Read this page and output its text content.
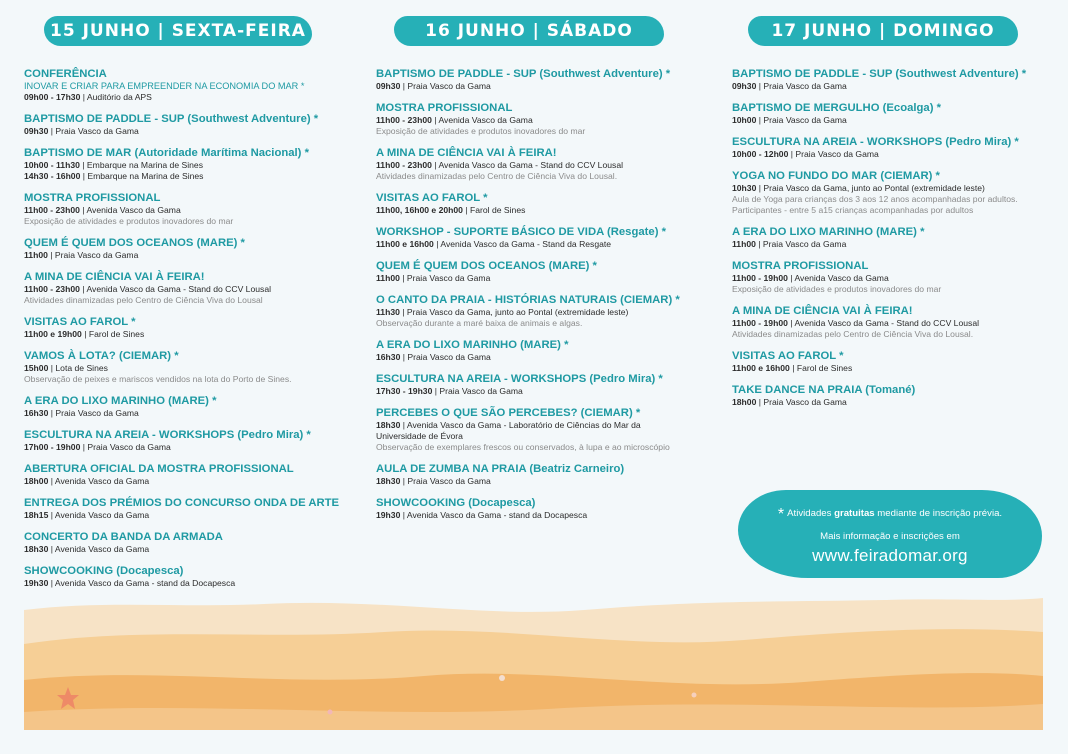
15 JUNHO | SEXTA-FEIRA
CONFERÊNCIA
INOVAR E CRIAR PARA EMPREENDER NA ECONOMIA DO MAR *
09h00 - 17h30 | Auditório da APS
BAPTISMO DE PADDLE - SUP (Southwest Adventure) *
09h30 | Praia Vasco da Gama
BAPTISMO DE MAR (Autoridade Marítima Nacional) *
10h00 - 11h30 | Embarque na Marina de Sines
14h30 - 16h00 | Embarque na Marina de Sines
MOSTRA PROFISSIONAL
11h00 - 23h00 | Avenida Vasco da Gama
Exposição de atividades e produtos inovadores do mar
QUEM É QUEM DOS OCEANOS (MARE) *
11h00 | Praia Vasco da Gama
A MINA DE CIÊNCIA VAI À FEIRA!
11h00 - 23h00 | Avenida Vasco da Gama - Stand do CCV Lousal
Atividades dinamizadas pelo Centro de Ciência Viva do Lousal
VISITAS AO FAROL *
11h00 e 19h00 | Farol de Sines
VAMOS À LOTA? (CIEMAR) *
15h00 | Lota de Sines
Observação de peixes e mariscos vendidos na lota do Porto de Sines.
A ERA DO LIXO MARINHO (MARE) *
16h30 | Praia Vasco da Gama
ESCULTURA NA AREIA - WORKSHOPS (Pedro Mira) *
17h00 - 19h00 | Praia Vasco da Gama
ABERTURA OFICIAL DA MOSTRA PROFISSIONAL
18h00 | Avenida Vasco da Gama
ENTREGA DOS PRÉMIOS DO CONCURSO ONDA DE ARTE
18h15 | Avenida Vasco da Gama
CONCERTO DA BANDA DA ARMADA
18h30 | Avenida Vasco da Gama
SHOWCOOKING (Docapesca)
19h30 | Avenida Vasco da Gama - stand da Docapesca
16 JUNHO | SÁBADO
BAPTISMO DE PADDLE - SUP (Southwest Adventure) *
09h30 | Praia Vasco da Gama
MOSTRA PROFISSIONAL
11h00 - 23h00 | Avenida Vasco da Gama
Exposição de atividades e produtos inovadores do mar
A MINA DE CIÊNCIA VAI À FEIRA!
11h00 - 23h00 | Avenida Vasco da Gama - Stand do CCV Lousal
Atividades dinamizadas pelo Centro de Ciência Viva do Lousal.
VISITAS AO FAROL *
11h00, 16h00 e 20h00 | Farol de Sines
WORKSHOP - SUPORTE BÁSICO DE VIDA (Resgate) *
11h00 e 16h00 | Avenida Vasco da Gama - Stand da Resgate
QUEM É QUEM DOS OCEANOS (MARE) *
11h00 | Praia Vasco da Gama
O CANTO DA PRAIA - HISTÓRIAS NATURAIS (CIEMAR) *
11h30 | Praia Vasco da Gama, junto ao Pontal (extremidade leste)
Observação durante a maré baixa de animais e algas.
A ERA DO LIXO MARINHO (MARE) *
16h30 | Praia Vasco da Gama
ESCULTURA NA AREIA - WORKSHOPS (Pedro Mira) *
17h30 - 19h30 | Praia Vasco da Gama
PERCEBES O QUE SÃO PERCEBES? (CIEMAR) *
18h30 | Avenida Vasco da Gama - Laboratório de Ciências do Mar da
Universidade de Évora
Observação de exemplares frescos ou conservados, à lupa e ao microscópio
AULA DE ZUMBA NA PRAIA (Beatriz Carneiro)
18h30 | Praia Vasco da Gama
SHOWCOOKING (Docapesca)
19h30 | Avenida Vasco da Gama - stand da Docapesca
17 JUNHO | DOMINGO
BAPTISMO DE PADDLE - SUP (Southwest Adventure) *
09h30 | Praia Vasco da Gama
BAPTISMO DE MERGULHO (Ecoalga) *
10h00 | Praia Vasco da Gama
ESCULTURA NA AREIA - WORKSHOPS (Pedro Mira) *
10h00 - 12h00 | Praia Vasco da Gama
YOGA NO FUNDO DO MAR (CIEMAR) *
10h30 | Praia Vasco da Gama, junto ao Pontal (extremidade leste)
Aula de Yoga para crianças dos 3 aos 12 anos acompanhadas por adultos.
Participantes - entre 5 a15 crianças acompanhadas por adultos
A ERA DO LIXO MARINHO (MARE) *
11h00 | Praia Vasco da Gama
MOSTRA PROFISSIONAL
11h00 - 19h00 | Avenida Vasco da Gama
Exposição de atividades e produtos inovadores do mar
A MINA DE CIÊNCIA VAI À FEIRA!
11h00 - 19h00 | Avenida Vasco da Gama - Stand do CCV Lousal
Atividades dinamizadas pelo Centro de Ciência Viva do Lousal.
VISITAS AO FAROL *
11h00 e 16h00 | Farol de Sines
TAKE DANCE NA PRAIA (Tomané)
18h00 | Praia Vasco da Gama
* Atividades gratuitas mediante de inscrição prévia.
Mais informação e inscrições em
www.feiradomar.org
